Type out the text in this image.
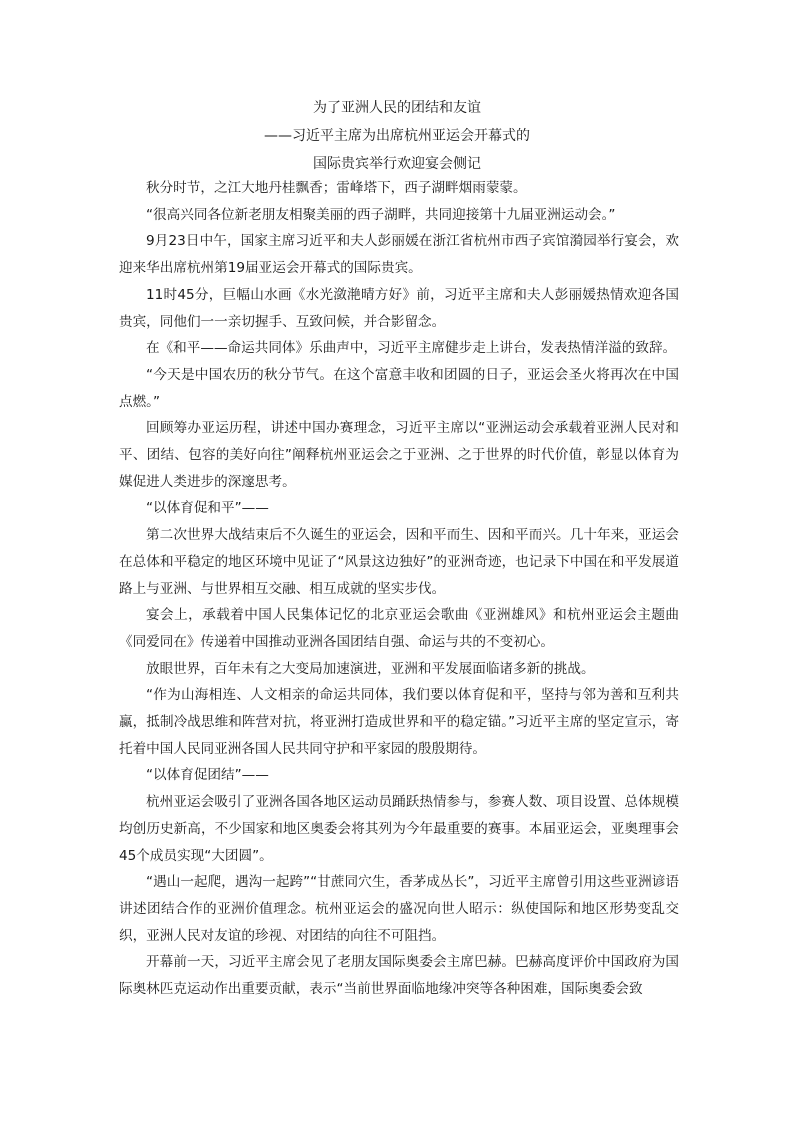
为了亚洲人民的团结和友谊
——习近平主席为出席杭州亚运会开幕式的
国际贵宾举行欢迎宴会侧记

秋分时节，之江大地丹桂飘香；雷峰塔下，西子湖畔烟雨蒙蒙。

“很高兴同各位新老朋友相聚美丽的西子湖畔，共同迎接第十九届亚洲运动会。”

9月23日中午，国家主席习近平和夫人彭丽媛在浙江省杭州市西子宾馆漪园举行宴会，欢迎来华出席杭州第19届亚运会开幕式的国际贵宾。

11时45分，巨幅山水画《水光潋滟晴方好》前，习近平主席和夫人彭丽媛热情欢迎各国贵宾，同他们一一亲切握手、互致问候，并合影留念。

在《和平——命运共同体》乐曲声中，习近平主席健步走上讲台，发表热情洋溢的致辞。

“今天是中国农历的秋分节气。在这个富意丰收和团圆的日子，亚运会圣火将再次在中国点燃。”

回顾筹办亚运历程，讲述中国办赛理念，习近平主席以“亚洲运动会承载着亚洲人民对和平、团结、包容的美好向往”阐释杭州亚运会之于亚洲、之于世界的时代价值，彰显以体育为媒促进人类进步的深邃思考。

“以体育促和平”——

第二次世界大战结束后不久诞生的亚运会，因和平而生、因和平而兴。几十年来，亚运会在总体和平稳定的地区环境中见证了“风景这边独好”的亚洲奇迹，也记录下中国在和平发展道路上与亚洲、与世界相互交融、相互成就的坚实步伐。

宴会上，承载着中国人民集体记忆的北京亚运会歌曲《亚洲雄风》和杭州亚运会主题曲《同爱同在》传递着中国推动亚洲各国团结自强、命运与共的不变初心。

放眼世界，百年未有之大变局加速演进，亚洲和平发展面临诸多新的挑战。

“作为山海相连、人文相亲的命运共同体，我们要以体育促和平，坚持与邻为善和互利共赢，抵制冷战思维和阵营对抗，将亚洲打造成世界和平的稳定锚。”习近平主席的坚定宣示，寄托着中国人民同亚洲各国人民共同守护和平家园的殷殷期待。

“以体育促团结”——

杭州亚运会吸引了亚洲各国各地区运动员踊跃热情参与，参赛人数、项目设置、总体规模均创历史新高，不少国家和地区奥委会将其列为今年最重要的赛事。本届亚运会，亚奥理事会45个成员实现“大团圆”。

“遇山一起爬，遇沟一起跨”“甘蔗同穴生，香茅成丛长”，习近平主席曾引用这些亚洲谚语讲述团结合作的亚洲价值理念。杭州亚运会的盛况向世人昭示：纵使国际和地区形势变乱交织，亚洲人民对友谊的珍视、对团结的向往不可阻挡。

开幕前一天，习近平主席会见了老朋友国际奥委会主席巴赫。巴赫高度评价中国政府为国际奥林匹克运动作出重要贡献，表示“当前世界面临地缘冲突等各种困难，国际奥委会致
